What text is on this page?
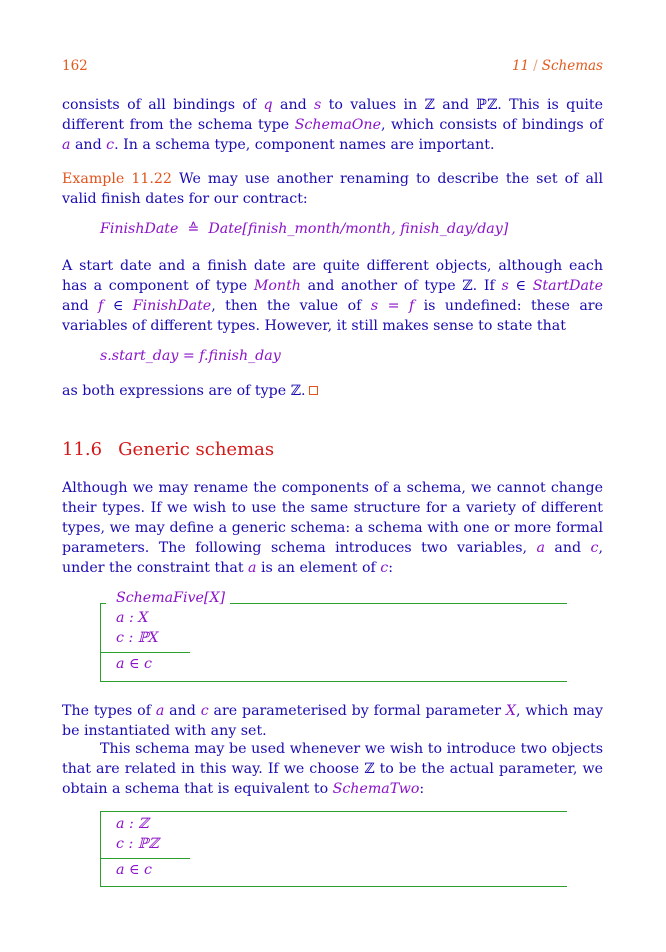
162	11 / Schemas

consists of all bindings of q and s to values in ℤ and ℙℤ. This is quite different from the schema type SchemaOne, which consists of bindings of a and c. In a schema type, component names are important.

Example 11.22 We may use another renaming to describe the set of all valid finish dates for our contract:

FinishDate ≙ Date[finish_month/month, finish_day/day]

A start date and a finish date are quite different objects, although each has a component of type Month and another of type ℤ. If s ∈ StartDate and f ∈ FinishDate, then the value of s = f is undefined: these are variables of different types. However, it still makes sense to state that

s.start_day = f.finish_day

as both expressions are of type ℤ.

11.6 Generic schemas

Although we may rename the components of a schema, we cannot change their types. If we wish to use the same structure for a variety of different types, we may define a generic schema: a schema with one or more formal parameters. The following schema introduces two variables, a and c, under the constraint that a is an element of c:

The types of a and c are parameterised by formal parameter X, which may be instantiated with any set.

This schema may be used whenever we wish to introduce two objects that are related in this way. If we choose ℤ to be the actual parameter, we obtain a schema that is equivalent to SchemaTwo:

SchemaFive[X]
a : X
c : ℙX
a ∈ c
a : ℤ
c : ℙℤ
a ∈ c
